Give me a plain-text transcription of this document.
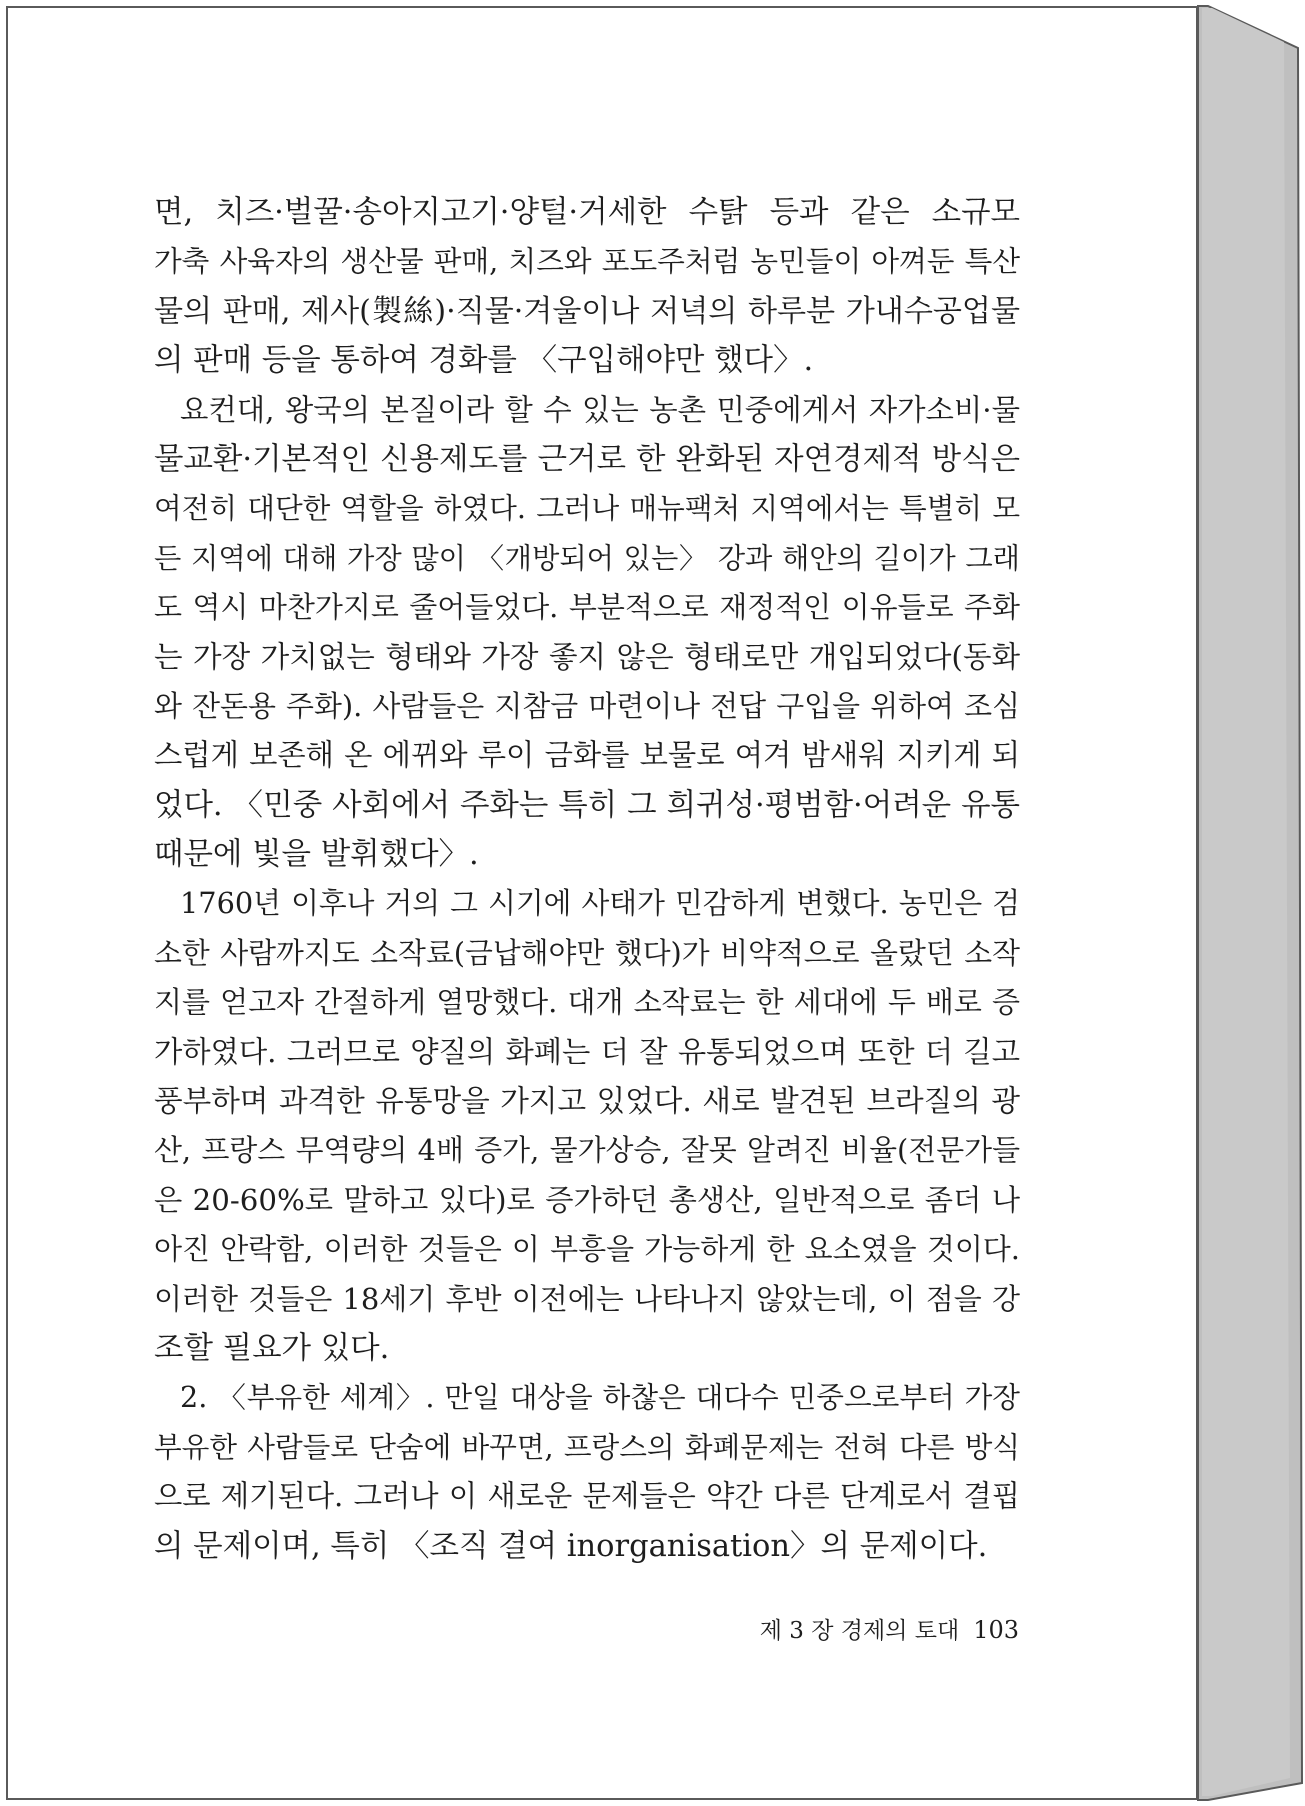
면, 치즈·벌꿀·송아지고기·양털·거세한 수탉 등과 같은 소규모
가축 사육자의 생산물 판매, 치즈와 포도주처럼 농민들이 아껴둔 특산
물의 판매, 제사(製絲)·직물·겨울이나 저녁의 하루분 가내수공업물
의 판매 등을 통하여 경화를 〈구입해야만 했다〉.
요컨대, 왕국의 본질이라 할 수 있는 농촌 민중에게서 자가소비·물
물교환·기본적인 신용제도를 근거로 한 완화된 자연경제적 방식은
여전히 대단한 역할을 하였다. 그러나 매뉴팩처 지역에서는 특별히 모
든 지역에 대해 가장 많이 〈개방되어 있는〉 강과 해안의 길이가 그래
도 역시 마찬가지로 줄어들었다. 부분적으로 재정적인 이유들로 주화
는 가장 가치없는 형태와 가장 좋지 않은 형태로만 개입되었다(동화
와 잔돈용 주화). 사람들은 지참금 마련이나 전답 구입을 위하여 조심
스럽게 보존해 온 에뀌와 루이 금화를 보물로 여겨 밤새워 지키게 되
었다. 〈민중 사회에서 주화는 특히 그 희귀성·평범함·어려운 유통
때문에 빛을 발휘했다〉.
1760년 이후나 거의 그 시기에 사태가 민감하게 변했다. 농민은 검
소한 사람까지도 소작료(금납해야만 했다)가 비약적으로 올랐던 소작
지를 얻고자 간절하게 열망했다. 대개 소작료는 한 세대에 두 배로 증
가하였다. 그러므로 양질의 화폐는 더 잘 유통되었으며 또한 더 길고
풍부하며 과격한 유통망을 가지고 있었다. 새로 발견된 브라질의 광
산, 프랑스 무역량의 4배 증가, 물가상승, 잘못 알려진 비율(전문가들
은 20-60%로 말하고 있다)로 증가하던 총생산, 일반적으로 좀더 나
아진 안락함, 이러한 것들은 이 부흥을 가능하게 한 요소였을 것이다.
이러한 것들은 18세기 후반 이전에는 나타나지 않았는데, 이 점을 강
조할 필요가 있다.
2. 〈부유한 세계〉. 만일 대상을 하찮은 대다수 민중으로부터 가장
부유한 사람들로 단숨에 바꾸면, 프랑스의 화폐문제는 전혀 다른 방식
으로 제기된다. 그러나 이 새로운 문제들은 약간 다른 단계로서 결핍
의 문제이며, 특히 〈조직 결여 inorganisation〉의 문제이다.
제 3 장 경제의 토대 103
